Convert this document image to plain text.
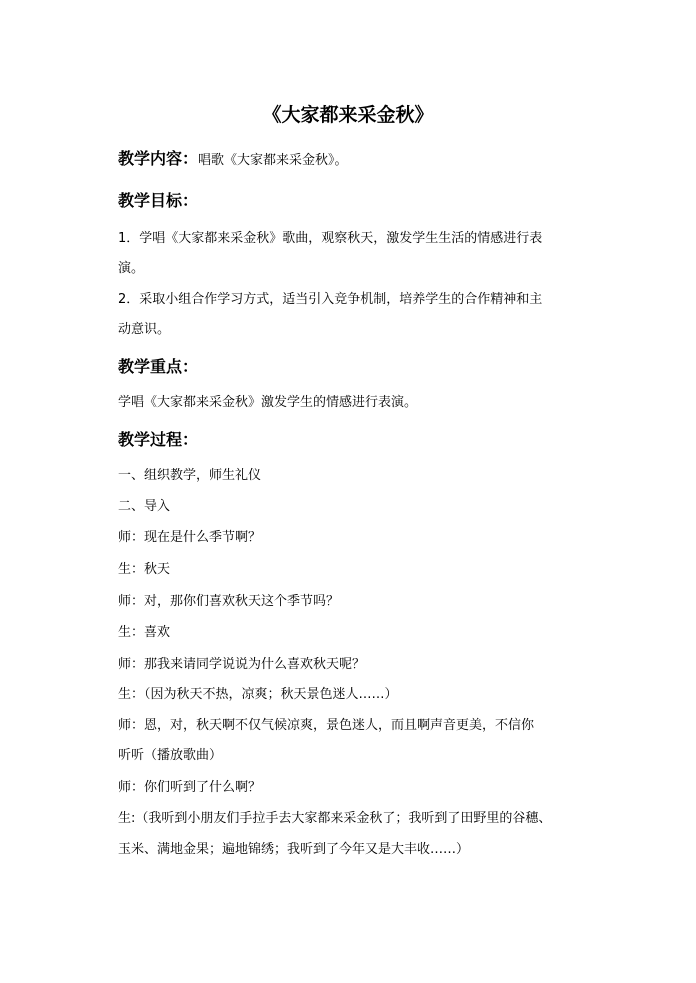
《大家都来采金秋》
教学内容：唱歌《大家都来采金秋》。
教学目标：
1．学唱《大家都来采金秋》歌曲，观察秋天，激发学生生活的情感进行表
演。
2．采取小组合作学习方式，适当引入竞争机制，培养学生的合作精神和主
动意识。
教学重点：
学唱《大家都来采金秋》激发学生的情感进行表演。
教学过程：
一、组织教学，师生礼仪
二、导入
师：现在是什么季节啊？
生：秋天
师：对，那你们喜欢秋天这个季节吗？
生：喜欢
师：那我来请同学说说为什么喜欢秋天呢？
生：（因为秋天不热，凉爽；秋天景色迷人……）
师：恩，对，秋天啊不仅气候凉爽，景色迷人，而且啊声音更美，不信你
听听（播放歌曲）
师：你们听到了什么啊？
生:（我听到小朋友们手拉手去大家都来采金秋了；我听到了田野里的谷穗、
玉米、满地金果；遍地锦绣；我听到了今年又是大丰收……）
